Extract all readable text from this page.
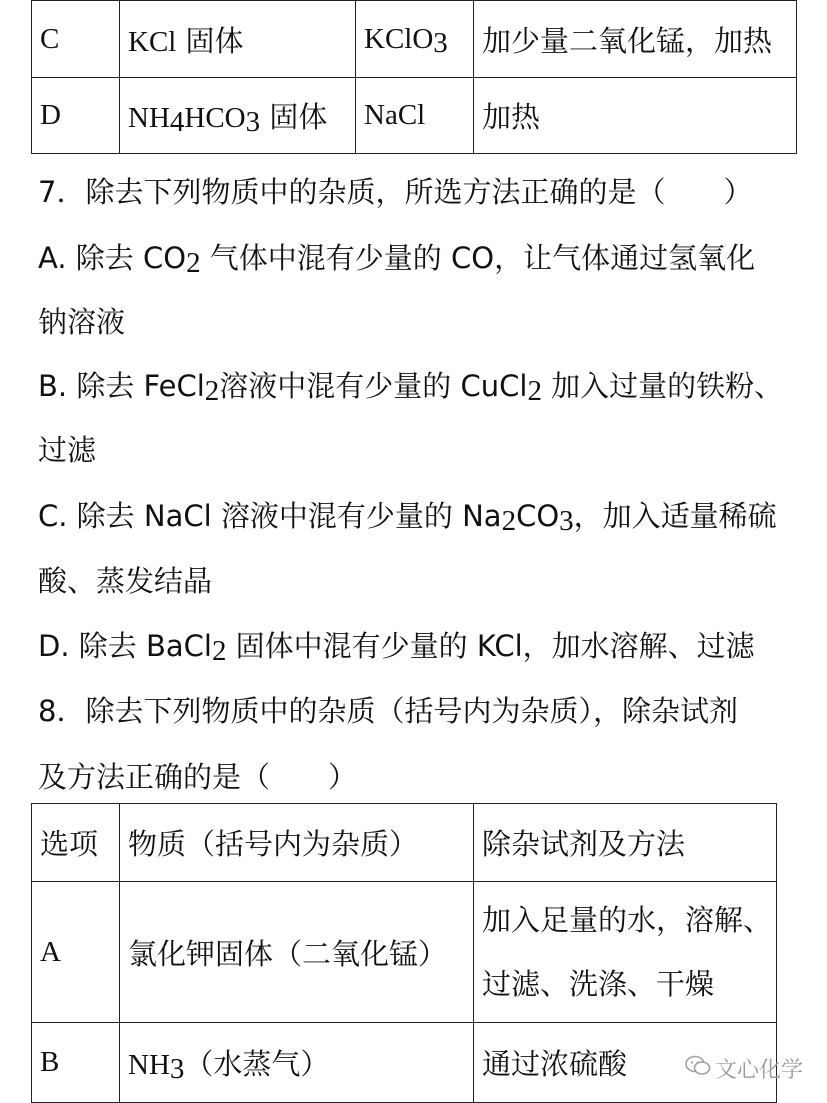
C	KCl 固体	KClO$_3$	加少量二氧化锰，加热
D	$NH_4HCO_3$ 固体	NaCl	加热
7．除去下列物质中的杂质，所选方法正确的是（　　）
A. 除去 $CO_2$ 气体中混有少量的 CO，让气体通过氢氧化
钠溶液
B. 除去 FeCl$_2$溶液中混有少量的 CuCl$_2$ 加入过量的铁粉、
过滤
C. 除去 NaCl 溶液中混有少量的 $Na_2CO_3$，加入适量稀硫
酸、蒸发结晶
D. 除去 BaCl$_2$ 固体中混有少量的 KCl，加水溶解、过滤
8．除去下列物质中的杂质（括号内为杂质），除杂试剂
及方法正确的是（　　）
选项	物质（括号内为杂质）	除杂试剂及方法
A	氯化钾固体（二氧化锰）	加入足量的水，溶解、
过滤、洗涤、干燥

B	$NH_3$（水蒸气）	通过浓硫酸	文心化学
